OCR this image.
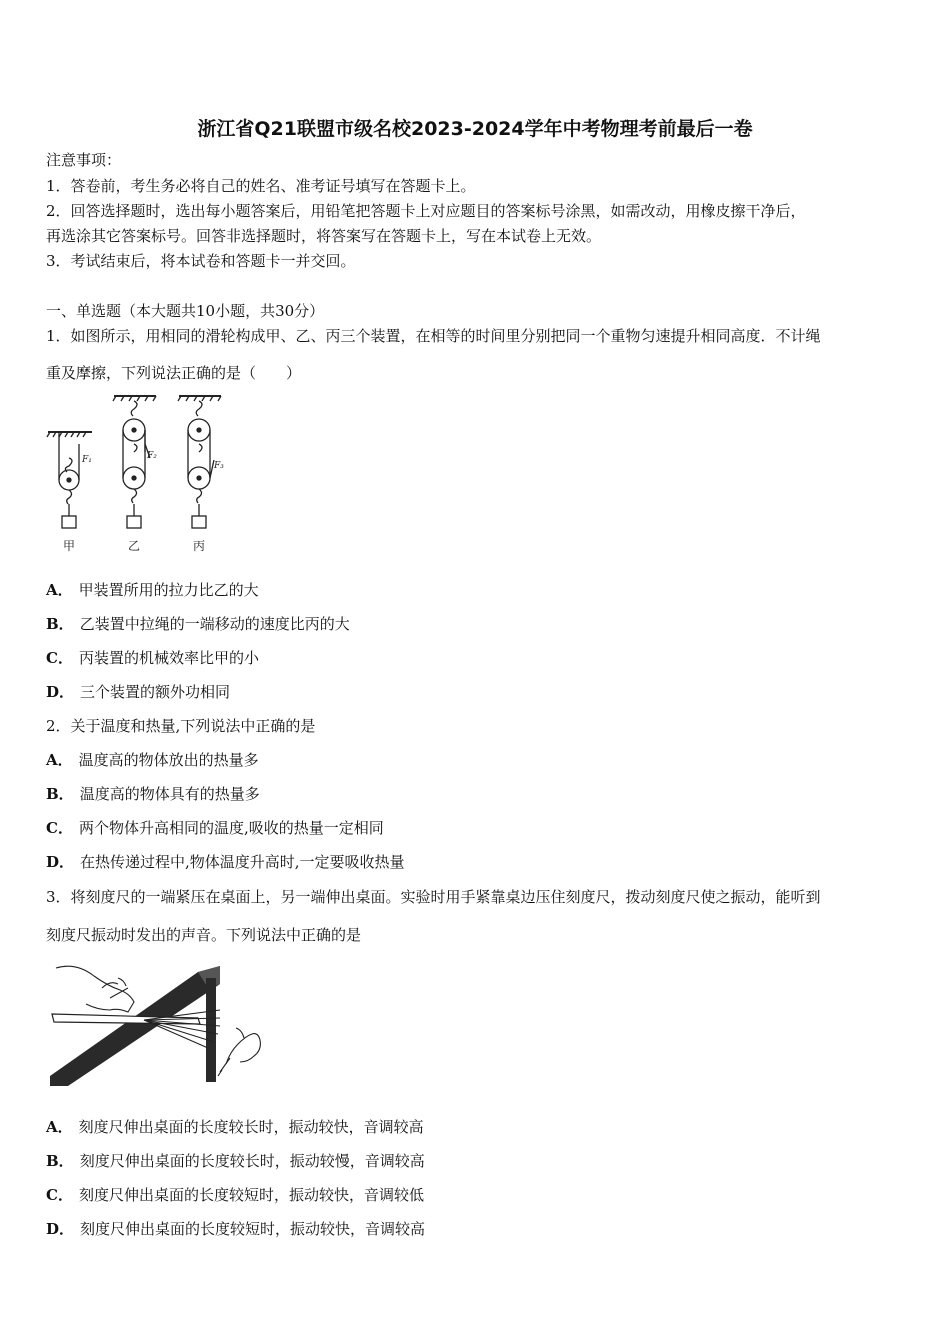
浙江省Q21联盟市级名校2023-2024学年中考物理考前最后一卷
注意事项：
1．答卷前，考生务必将自己的姓名、准考证号填写在答题卡上。
2．回答选择题时，选出每小题答案后，用铅笔把答题卡上对应题目的答案标号涂黑，如需改动，用橡皮擦干净后，
再选涂其它答案标号。回答非选择题时，将答案写在答题卡上，写在本试卷上无效。
3．考试结束后，将本试卷和答题卡一并交回。
一、单选题（本大题共10小题，共30分）
1．如图所示，用相同的滑轮构成甲、乙、丙三个装置，在相等的时间里分别把同一个重物匀速提升相同高度．不计绳
重及摩擦，下列说法正确的是（　　）
F₁	F₂
F₃
甲	乙	丙
A． 甲装置所用的拉力比乙的大
B． 乙装置中拉绳的一端移动的速度比丙的大
C． 丙装置的机械效率比甲的小
D． 三个装置的额外功相同
2．关于温度和热量,下列说法中正确的是
A． 温度高的物体放出的热量多
B． 温度高的物体具有的热量多
C． 两个物体升高相同的温度,吸收的热量一定相同
D． 在热传递过程中,物体温度升高时,一定要吸收热量
3．将刻度尺的一端紧压在桌面上，另一端伸出桌面。实验时用手紧靠桌边压住刻度尺，拨动刻度尺使之振动，能听到
刻度尺振动时发出的声音。下列说法中正确的是
A． 刻度尺伸出桌面的长度较长时，振动较快，音调较高
B． 刻度尺伸出桌面的长度较长时，振动较慢，音调较高
C． 刻度尺伸出桌面的长度较短时，振动较快，音调较低
D． 刻度尺伸出桌面的长度较短时，振动较快，音调较高
